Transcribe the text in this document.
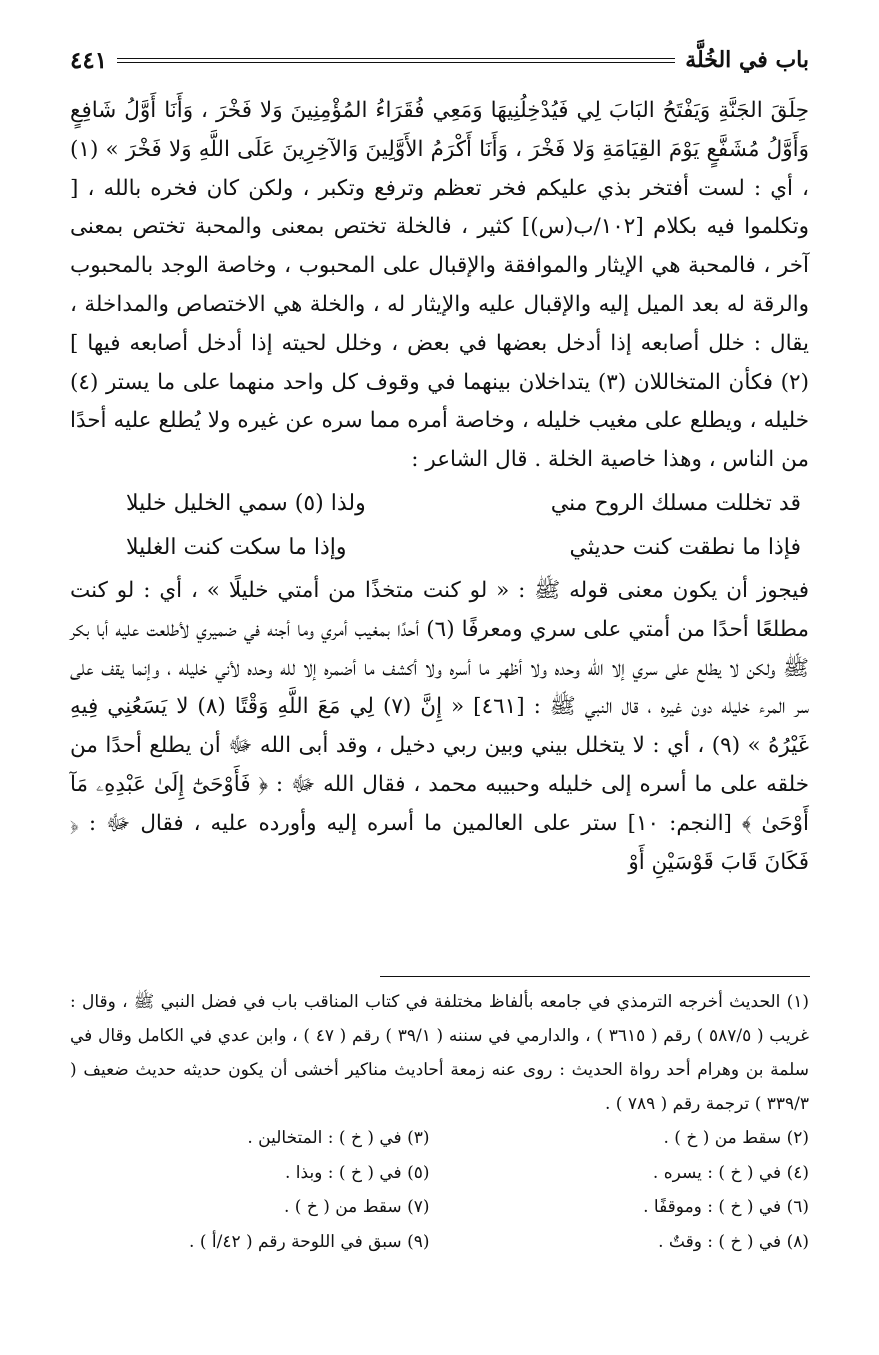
باب في الخُلَّة
٤٤١

حِلَقَ الجَنَّةِ وَيَفْتَحُ البَابَ لِي فَيُدْخِلُنِيهَا وَمَعِي فُقَرَاءُ المُؤْمِنِينَ وَلا فَخْرَ ، وَأَنَا أَوَّلُ شَافِعٍ وَأَوَّلُ مُشَفَّعٍ يَوْمَ القِيَامَةِ وَلا فَخْرَ ، وَأَنَا أَكْرَمُ الأَوَّلِينَ وَالآخِرِينَ عَلَى اللَّهِ وَلا فَخْرَ » (١) ، أي : لست أفتخر بذي عليكم فخر تعظم وترفع وتكبر ، ولكن كان فخره بالله ، [ وتكلموا فيه بكلام [١٠٢/ب(س)] كثير ، فالخلة تختص بمعنى والمحبة تختص بمعنى آخر ، فالمحبة هي الإيثار والموافقة والإقبال على المحبوب ، وخاصة الوجد بالمحبوب والرقة له بعد الميل إليه والإقبال عليه والإيثار له ، والخلة هي الاختصاص والمداخلة ، يقال : خلل أصابعه إذا أدخل بعضها في بعض ، وخلل لحيته إذا أدخل أصابعه فيها ] (٢) فكأن المتخاللان (٣) يتداخلان بينهما في وقوف كل واحد منهما على ما يستر (٤) خليله ، ويطلع على مغيب خليله ، وخاصة أمره مما سره عن غيره ولا يُطلع عليه أحدًا من الناس ، وهذا خاصية الخلة . قال الشاعر :

قد تخللت مسلك الروح مني
ولذا (٥) سمي الخليل خليلا
فإذا ما نطقت كنت حديثي
وإذا ما سكت كنت الغليلا

فيجوز أن يكون معنى قوله ﷺ : « لو كنت متخذًا من أمتي خليلًا » ، أي : لو كنت مطلعًا أحدًا من أمتي على سري ومعرفًا (٦) أحدًا بمغيب أمري وما أجنه في ضميري لأطلعت عليه أبا بكر ﷺ ولكن لا يطلع على سري إلا الله وحده ولا أظهر ما أسره ولا أكشف ما أضمره إلا لله وحده لأني خليله ، وإنما يقف على سر المرء خليله دون غيره ، قال النبي ﷺ : [٤٦١] « إِنَّ (٧) لِي مَعَ اللَّهِ وَقْتًا (٨) لا يَسَعُنِي فِيهِ غَيْرُهُ » (٩) ، أي : لا يتخلل بيني وبين ربي دخيل ، وقد أبى الله ﷻ أن يطلع أحدًا من خلقه على ما أسره إلى خليله وحبيبه محمد ، فقال الله ﷻ : ﴿ فَأَوْحَىٰٓ إِلَىٰ عَبْدِهِۦ مَآ أَوْحَىٰ ﴾ [النجم: ١٠] ستر على العالمين ما أسره إليه وأورده عليه ، فقال ﷻ : ﴿ فَكَانَ قَابَ قَوْسَيْنِ أَوْ

(١) الحديث أخرجه الترمذي في جامعه بألفاظ مختلفة في كتاب المناقب باب في فضل النبي ﷺ ، وقال : غريب ( ٥٨٧/٥ ) رقم ( ٣٦١٥ ) ، والدارمي في سننه ( ٣٩/١ ) رقم ( ٤٧ ) ، وابن عدي في الكامل وقال في سلمة بن وهرام أحد رواة الحديث : روى عنه زمعة أحاديث مناكير أخشى أن يكون حديثه حديث ضعيف ( ٣٣٩/٣ ) ترجمة رقم ( ٧٨٩ ) .

(٢) سقط من ( خ ) .
(٣) في ( خ ) : المتخالين .
(٤) في ( خ ) : يسره .
(٥) في ( خ ) : وبذا .
(٦) في ( خ ) : وموقفًا .
(٧) سقط من ( خ ) .
(٨) في ( خ ) : وقتٌ .
(٩) سبق في اللوحة رقم ( ٤٢/أ ) .
